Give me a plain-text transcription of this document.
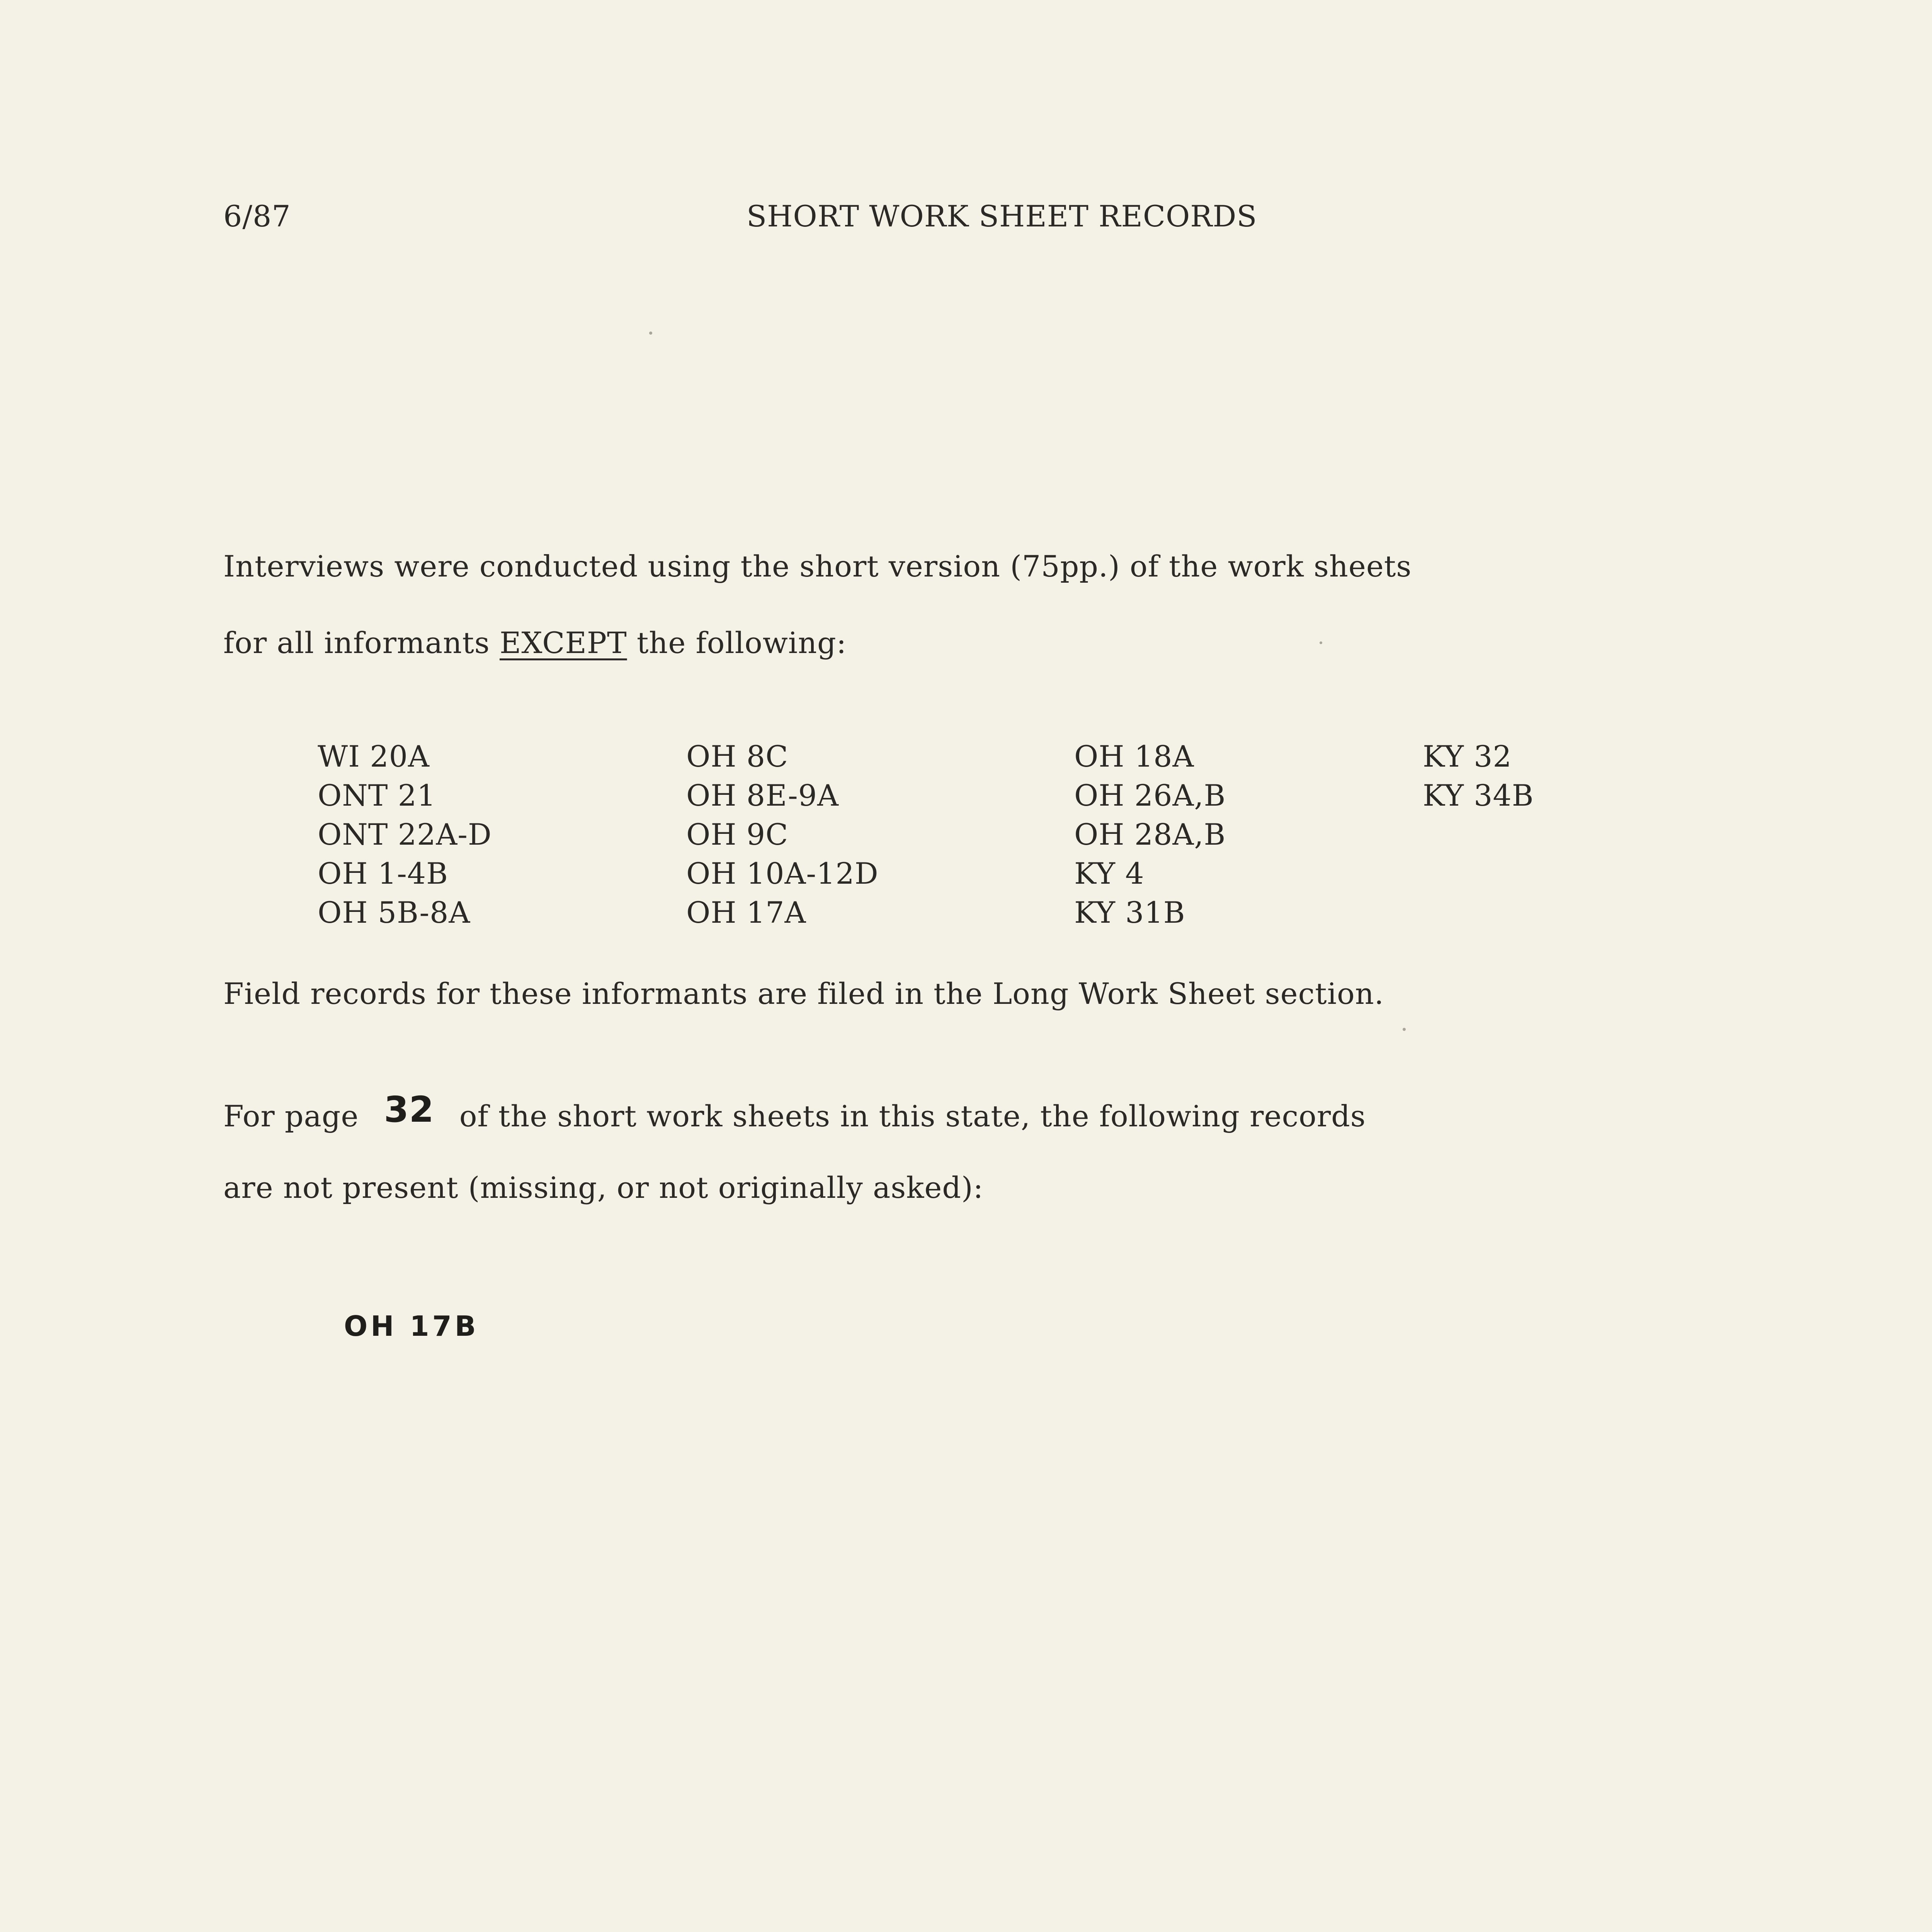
6/87	SHORT WORK SHEET RECORDS
Interviews were conducted using the short version (75pp.) of the work sheets
for all informants EXCEPT the following:
WI 20A
ONT 21
ONT 22A-D
OH 1-4B
OH 5B-8A
OH 8C
OH 8E-9A
OH 9C
OH 10A-12D
OH 17A
OH 18A
OH 26A,B
OH 28A,B
KY 4
KY 31B
KY 32
KY 34B
Field records for these informants are filed in the Long Work Sheet section.
For page 32 of the short work sheets in this state, the following records
are not present (missing, or not originally asked):
OH 17B
